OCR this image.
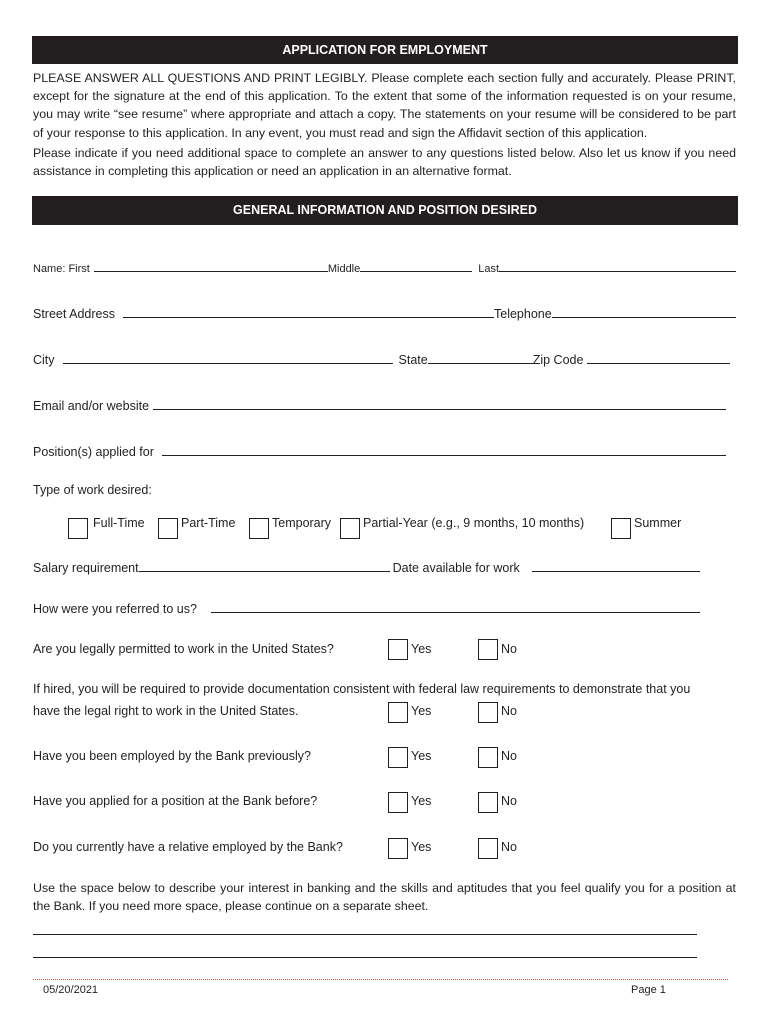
APPLICATION FOR EMPLOYMENT

PLEASE ANSWER ALL QUESTIONS AND PRINT LEGIBLY. Please complete each section fully and accurately. Please PRINT, except for the signature at the end of this application. To the extent that some of the information requested is on your resume, you may write “see resume” where appropriate and attach a copy. The statements on your resume will be considered to be part of your response to this application. In any event, you must read and sign the Affidavit section of this application.

Please indicate if you need additional space to complete an answer to any questions listed below. Also let us know if you need assistance in completing this application or need an application in an alternative format.

GENERAL INFORMATION AND POSITION DESIRED
Name: First	Middle	Last
Street Address	Telephone
City	State	Zip Code
Email and/or website
Position(s) applied for
Type of work desired:
Full-Time	Part-Time	Temporary	Partial-Year (e.g., 9 months, 10 months)	Summer
Salary requirement	Date available for work
How were you referred to us?
Are you legally permitted to work in the United States?	Yes	No
If hired, you will be required to provide documentation consistent with federal law requirements to demonstrate that you
have the legal right to work in the United States.	Yes	No
Have you been employed by the Bank previously?	Yes	No
Have you applied for a position at the Bank before?	Yes	No
Do you currently have a relative employed by the Bank?	Yes	No

Use the space below to describe your interest in banking and the skills and aptitudes that you feel qualify you for a position at the Bank. If you need more space, please continue on a separate sheet.

05/20/2021	Page 1
